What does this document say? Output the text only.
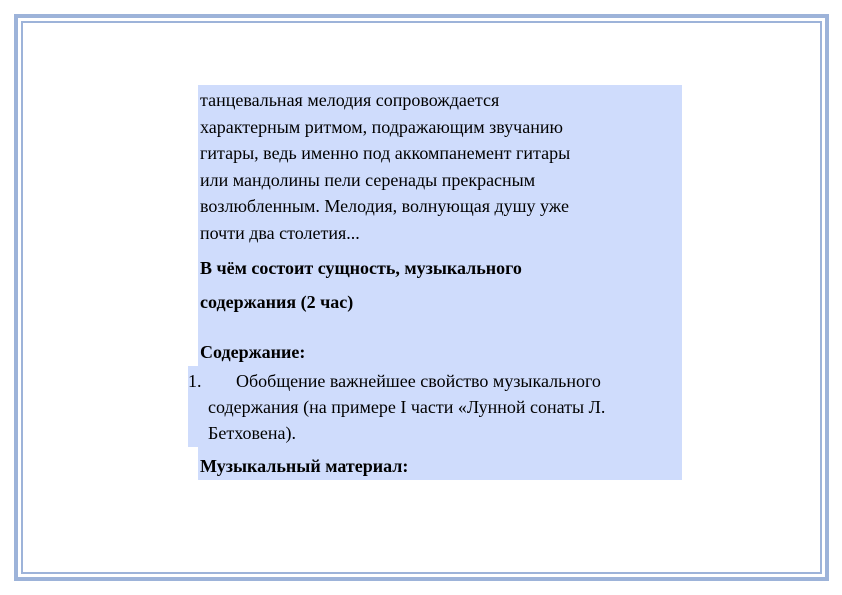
танцевальная мелодия сопровождается
характерным ритмом, подражающим звучанию
гитары, ведь именно под аккомпанемент гитары
или мандолины пели серенады прекрасным
возлюбленным. Мелодия, волнующая душу уже
почти два столетия...
В чём состоит сущность, музыкального
содержания (2 час)
Содержание:
1.	Обобщение важнейшее свойство музыкального содержания (на примере I части «Лунной сонаты Л. Бетховена).
Музыкальный материал:
